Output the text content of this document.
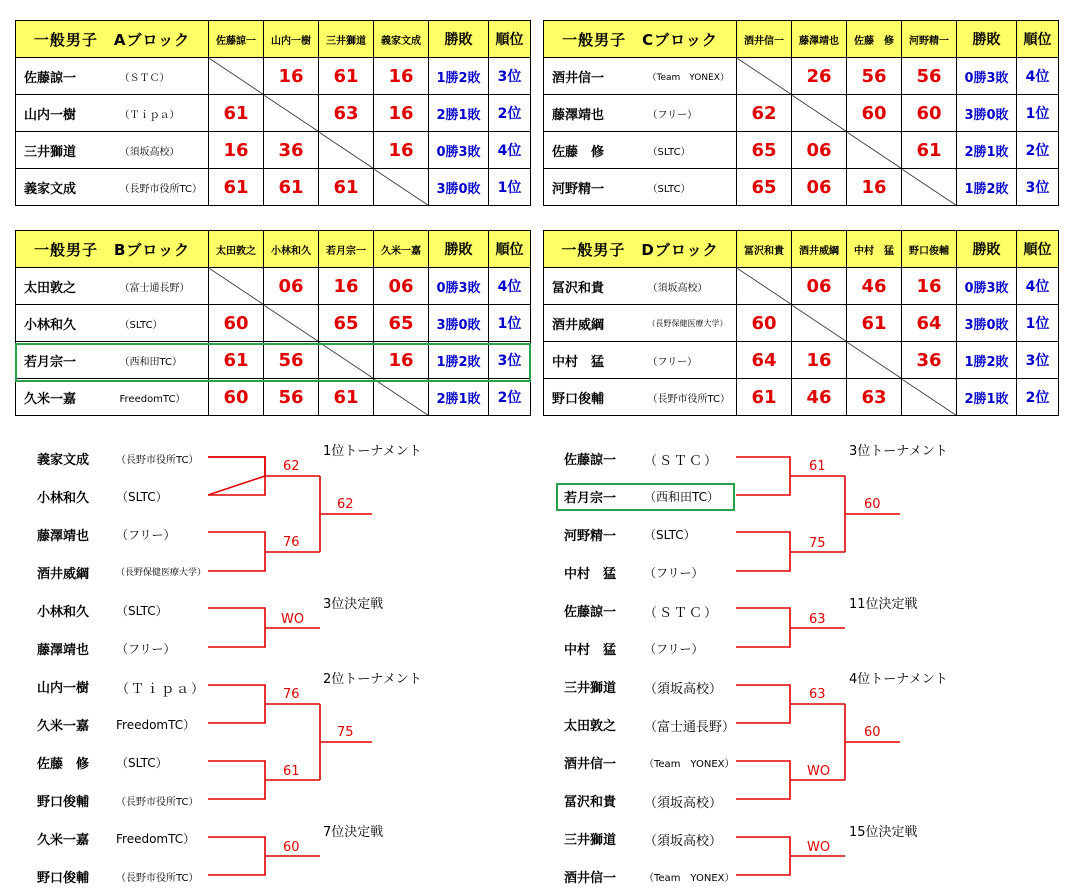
一般男子　Aブロック		佐藤諒一	山内一樹	三井獅道	義家文成	勝敗	順位
佐藤諒一	（ＳＴＣ）		16	61	16	1勝2敗	3位
山内一樹	（Ｔｉｐａ）	61		63	16	2勝1敗	2位
三井獅道	（須坂高校）	16	36		16	0勝3敗	4位
義家文成	（長野市役所TC）	61	61	61		3勝0敗	1位
一般男子　Cブロック		酒井信一	藤澤靖也	佐藤　修	河野精一	勝敗	順位
酒井信一	（Team　YONEX）		26	56	56	0勝3敗	4位
藤澤靖也	（フリー）	62		60	60	3勝0敗	1位
佐藤　修	（SLTC）	65	06		61	2勝1敗	2位
河野精一	（SLTC）	65	06	16		1勝2敗	3位
一般男子　Bブロック		太田敦之	小林和久	若月宗一	久米一嘉	勝敗	順位
太田敦之	（富士通長野）		06	16	06	0勝3敗	4位
小林和久	（SLTC）	60		65	65	3勝0敗	1位
若月宗一	（西和田TC）	61	56		16	1勝2敗	3位
久米一嘉	FreedomTC）	60	56	61		2勝1敗	2位
一般男子　Dブロック		冨沢和貴	酒井威綱	中村　猛	野口俊輔	勝敗	順位
冨沢和貴	（須坂高校）		06	46	16	0勝3敗	4位
酒井威綱	（長野保健医療大学）	60		61	64	3勝0敗	1位
中村　猛	（フリー）	64	16		36	1勝2敗	3位
野口俊輔	（長野市役所TC）	61	46	63		2勝1敗	2位
1位トーナメント
義家文成	（長野市役所TC）
小林和久 （SLTC）
藤澤靖也 （フリー）
酒井威綱	（長野保健医療大学）
62
76
62
3位決定戦
小林和久 （SLTC）
藤澤靖也 （フリー）
WO
2位トーナメント
山内一樹 （Ｔｉｐａ）
久米一嘉 FreedomTC）
佐藤　修 （SLTC）
野口俊輔	（長野市役所TC）
76
61
75
7位決定戦
久米一嘉 FreedomTC）
野口俊輔	（長野市役所TC）
60
3位トーナメント
佐藤諒一 （ＳＴＣ）
若月宗一 （西和田TC）
河野精一 （SLTC）
中村　猛 （フリー）
61
75
60
11位決定戦
佐藤諒一 （ＳＴＣ）
中村　猛 （フリー）
63
4位トーナメント
三井獅道 （須坂高校）
太田敦之 （富士通長野）
酒井信一	（Team　YONEX）
冨沢和貴 （須坂高校）
63
WO
60
15位決定戦
三井獅道 （須坂高校）
酒井信一	（Team　YONEX）
WO
